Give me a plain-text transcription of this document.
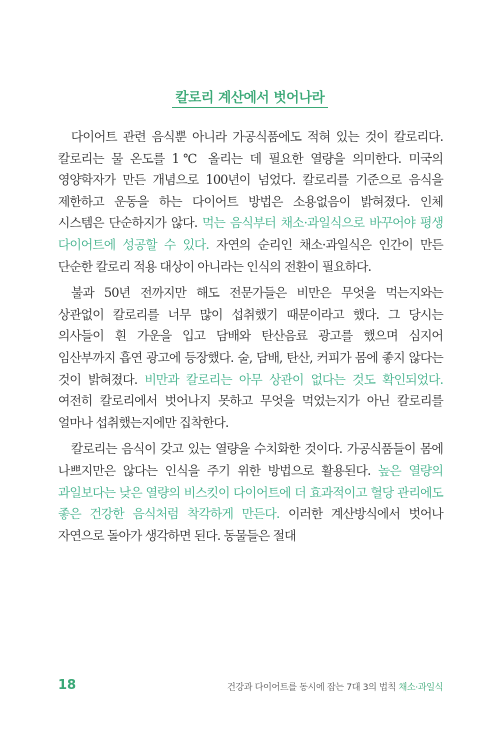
칼로리 계산에서 벗어나라

다이어트 관련 음식뿐 아니라 가공식품에도 적혀 있는 것이 칼로리다. 칼로리는 물 온도를 1℃ 올리는 데 필요한 열량을 의미한다. 미국의 영양학자가 만든 개념으로 100년이 넘었다. 칼로리를 기준으로 음식을 제한하고 운동을 하는 다이어트 방법은 소용없음이 밝혀졌다. 인체 시스템은 단순하지가 않다. 먹는 음식부터 채소·과일식으로 바꾸어야 평생 다이어트에 성공할 수 있다. 자연의 순리인 채소·과일식은 인간이 만든 단순한 칼로리 적용 대상이 아니라는 인식의 전환이 필요하다.

불과 50년 전까지만 해도 전문가들은 비만은 무엇을 먹는지와는 상관없이 칼로리를 너무 많이 섭취했기 때문이라고 했다. 그 당시는 의사들이 흰 가운을 입고 담배와 탄산음료 광고를 했으며 심지어 임산부까지 흡연 광고에 등장했다. 술, 담배, 탄산, 커피가 몸에 좋지 않다는 것이 밝혀졌다. 비만과 칼로리는 아무 상관이 없다는 것도 확인되었다. 여전히 칼로리에서 벗어나지 못하고 무엇을 먹었는지가 아닌 칼로리를 얼마나 섭취했는지에만 집착한다.

칼로리는 음식이 갖고 있는 열량을 수치화한 것이다. 가공식품들이 몸에 나쁘지만은 않다는 인식을 주기 위한 방법으로 활용된다. 높은 열량의 과일보다는 낮은 열량의 비스킷이 다이어트에 더 효과적이고 혈당 관리에도 좋은 건강한 음식처럼 착각하게 만든다. 이러한 계산방식에서 벗어나 자연으로 돌아가 생각하면 된다. 동물들은 절대

18	건강과 다이어트를 동시에 잡는 7대 3의 법칙 채소·과일식
